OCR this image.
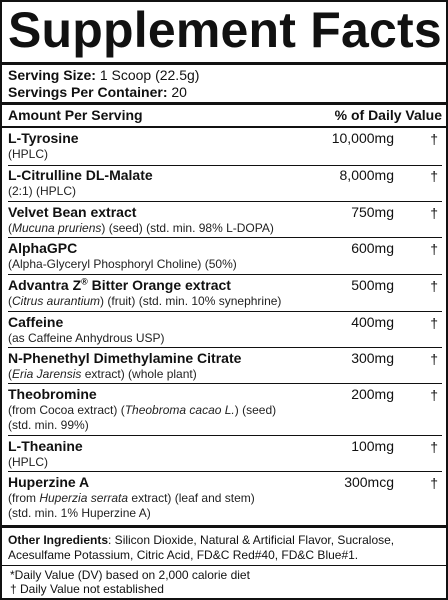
Supplement Facts
Serving Size: 1 Scoop (22.5g)
Servings Per Container: 20
Amount Per Serving	% of Daily Value
L-Tyrosine
(HPLC)
10,000mg	†
L-Citrulline DL-Malate
(2:1) (HPLC)
8,000mg	†
Velvet Bean extract
(Mucuna pruriens) (seed) (std. min. 98% L-DOPA)
750mg	†
AlphaGPC
(Alpha-Glyceryl Phosphoryl Choline) (50%)
600mg	†
Advantra Z® Bitter Orange extract
(Citrus aurantium) (fruit) (std. min. 10% synephrine)
500mg	†
Caffeine
(as Caffeine Anhydrous USP)
400mg	†
N-Phenethyl Dimethylamine Citrate
(Eria Jarensis extract) (whole plant)
300mg	†
Theobromine
(from Cocoa extract) (Theobroma cacao L.) (seed)
(std. min. 99%)
200mg	†
L-Theanine
(HPLC)
100mg	†
Huperzine A
(from Huperzia serrata extract) (leaf and stem)
(std. min. 1% Huperzine A)
300mcg	†
Other Ingredients: Silicon Dioxide, Natural & Artificial Flavor, Sucralose, Acesulfame Potassium, Citric Acid, FD&C Red#40, FD&C Blue#1.
*Daily Value (DV) based on 2,000 calorie diet
† Daily Value not established
